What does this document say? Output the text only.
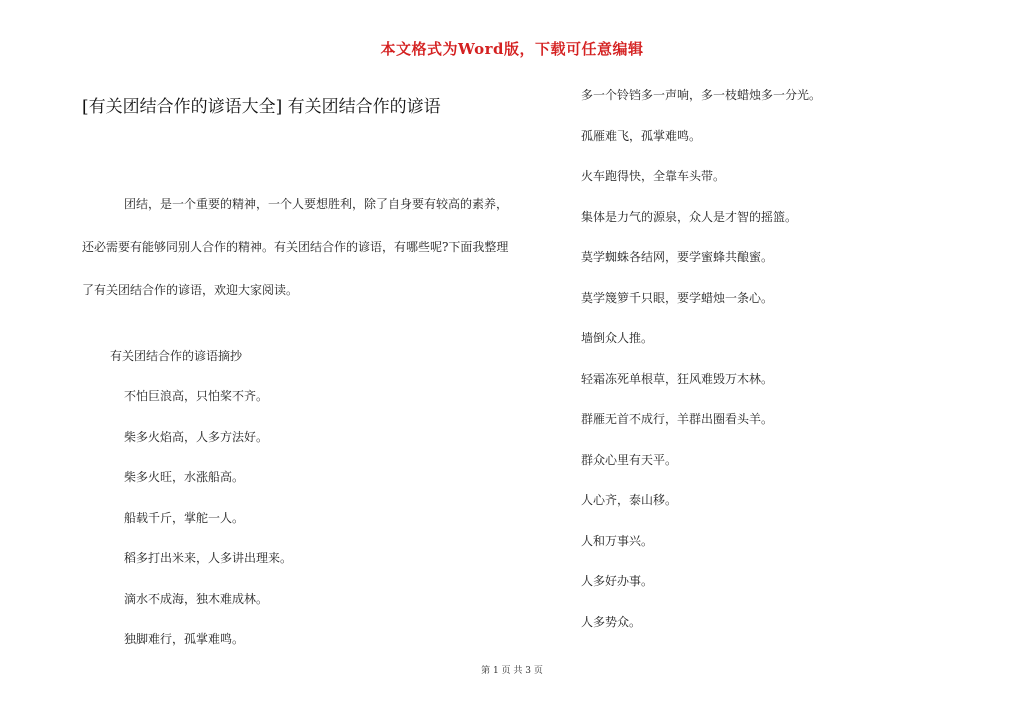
本文格式为Word版，下载可任意编辑
[有关团结合作的谚语大全] 有关团结合作的谚语
团结，是一个重要的精神，一个人要想胜利，除了自身要有较高的素养，还必需要有能够同别人合作的精神。有关团结合作的谚语，有哪些呢?下面我整理了有关团结合作的谚语，欢迎大家阅读。
有关团结合作的谚语摘抄
不怕巨浪高，只怕桨不齐。
柴多火焰高，人多方法好。
柴多火旺，水涨船高。
船载千斤，掌舵一人。
稻多打出米来，人多讲出理来。
滴水不成海，独木难成林。
独脚难行，孤掌难鸣。
多一个铃铛多一声响，多一枝蜡烛多一分光。
孤雁难飞，孤掌难鸣。
火车跑得快，全靠车头带。
集体是力气的源泉，众人是才智的摇篮。
莫学蜘蛛各结网，要学蜜蜂共酿蜜。
莫学篾箩千只眼，要学蜡烛一条心。
墙倒众人推。
轻霜冻死单根草，狂风难毁万木林。
群雁无首不成行，羊群出圈看头羊。
群众心里有天平。
人心齐，泰山移。
人和万事兴。
人多好办事。
人多势众。
第 1 页 共 3 页
